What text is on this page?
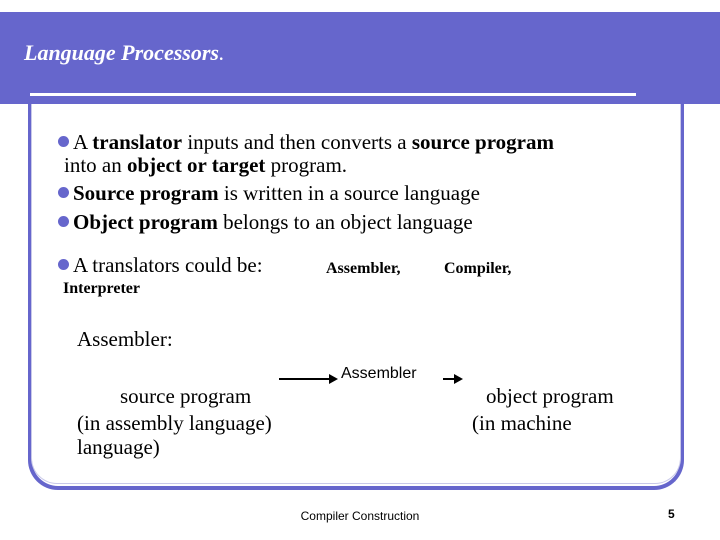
Language Processors.
A translator inputs and then converts a source program
into an object or target program.
Source program is written in a source language
Object program belongs to an object language
A translators could be:	Assembler,	Compiler,
Interpreter
Assembler:
Assembler
source program
(in assembly language)
language)
object program
(in machine
Compiler Construction	5
